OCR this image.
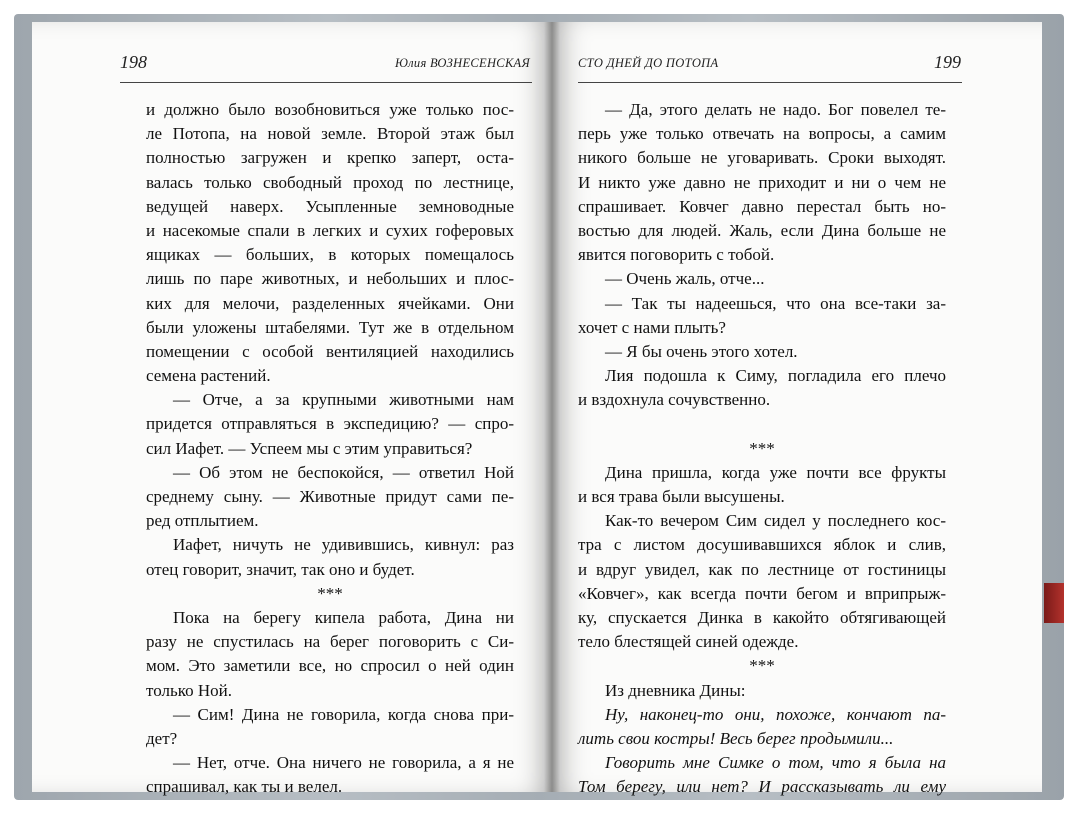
198	Юлия ВОЗНЕСЕНСКАЯ	СТО ДНЕЙ ДО ПОТОПА	199
и должно было возобновиться уже только пос-
ле Потопа, на новой земле. Второй этаж был
полностью загружен и крепко заперт, оста-
валась только свободный проход по лестнице,
ведущей наверх. Усыпленные земноводные
и насекомые спали в легких и сухих гоферовых
ящиках — больших, в которых помещалось
лишь по паре животных, и небольших и плос-
ких для мелочи, разделенных ячейками. Они
были уложены штабелями. Тут же в отдельном
помещении с особой вентиляцией находились
семена растений.
— Отче, а за крупными животными нам
придется отправляться в экспедицию? — спро-
сил Иафет. — Успеем мы с этим управиться?
— Об этом не беспокойся, — ответил Ной
среднему сыну. — Животные придут сами пе-
ред отплытием.
Иафет, ничуть не удивившись, кивнул: раз
отец говорит, значит, так оно и будет.
***
Пока на берегу кипела работа, Дина ни
разу не спустилась на берег поговорить с Си-
мом. Это заметили все, но спросил о ней один
только Ной.
— Сим! Дина не говорила, когда снова при-
дет?
— Нет, отче. Она ничего не говорила, а я не
спрашивал, как ты и велел.
— Да, этого делать не надо. Бог повелел те-
перь уже только отвечать на вопросы, а самим
никого больше не уговаривать. Сроки выходят.
И никто уже давно не приходит и ни о чем не
спрашивает. Ковчег давно перестал быть но-
востью для людей. Жаль, если Дина больше не
явится поговорить с тобой.
— Очень жаль, отче...
— Так ты надеешься, что она все-таки за-
хочет с нами плыть?
— Я бы очень этого хотел.
Лия подошла к Симу, погладила его плечо
и вздохнула сочувственно.
***
Дина пришла, когда уже почти все фрукты
и вся трава были высушены.
Как-то вечером Сим сидел у последнего кос-
тра с листом досушивавшихся яблок и слив,
и вдруг увидел, как по лестнице от гостиницы
«Ковчег», как всегда почти бегом и вприпрыж-
ку, спускается Динка в какойто обтягивающей
тело блестящей синей одежде.
***
Из дневника Дины:
Ну, наконец-то они, похоже, кончают па-
лить свои костры! Весь берег продымили...
Говорить мне Симке о том, что я была на
Том берегу, или нет? И рассказывать ли ему
